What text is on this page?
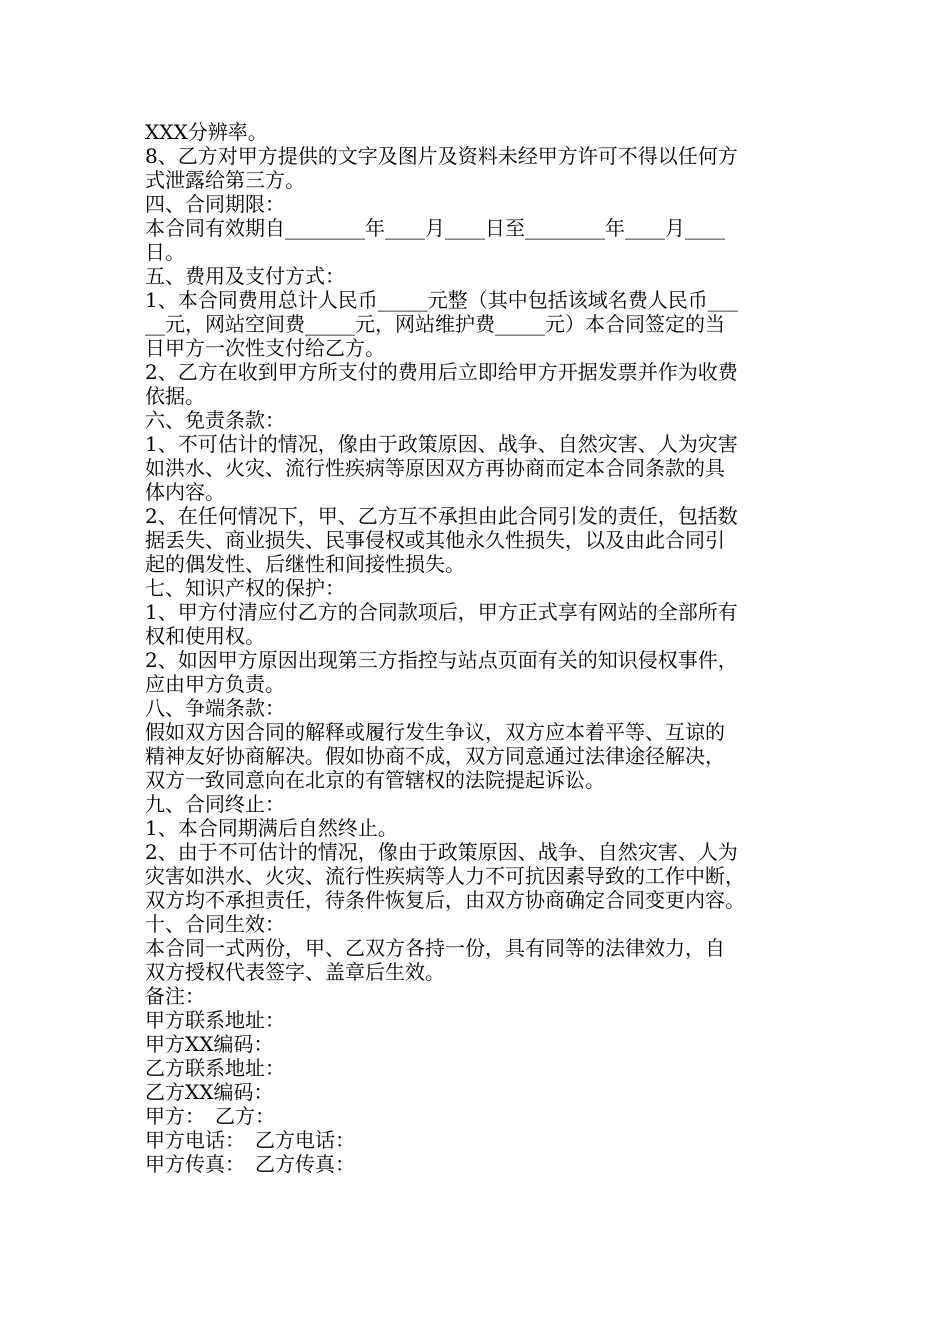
XXX分辨率。

8、乙方对甲方提供的文字及图片及资料未经甲方许可不得以任何方

式泄露给第三方。

四、合同期限：

本合同有效期自________年____月____日至________年____月____

日。

五、费用及支付方式：

1、本合同费用总计人民币_____元整（其中包括该域名费人民币___

__元，网站空间费_____元，网站维护费_____元）本合同签定的当

日甲方一次性支付给乙方。

2、乙方在收到甲方所支付的费用后立即给甲方开据发票并作为收费

依据。

六、免责条款：

1、不可估计的情况，像由于政策原因、战争、自然灾害、人为灾害

如洪水、火灾、流行性疾病等原因双方再协商而定本合同条款的具

体内容。

2、在任何情况下，甲、乙方互不承担由此合同引发的责任，包括数

据丢失、商业损失、民事侵权或其他永久性损失，以及由此合同引

起的偶发性、后继性和间接性损失。

七、知识产权的保护：

1、甲方付清应付乙方的合同款项后，甲方正式享有网站的全部所有

权和使用权。

2、如因甲方原因出现第三方指控与站点页面有关的知识侵权事件，

应由甲方负责。

八、争端条款：

假如双方因合同的解释或履行发生争议，双方应本着平等、互谅的

精神友好协商解决。假如协商不成，双方同意通过法律途径解决，

双方一致同意向在北京的有管辖权的法院提起诉讼。

九、合同终止：

1、本合同期满后自然终止。

2、由于不可估计的情况，像由于政策原因、战争、自然灾害、人为

灾害如洪水、火灾、流行性疾病等人力不可抗因素导致的工作中断，

双方均不承担责任，待条件恢复后，由双方协商确定合同变更内容。

十、合同生效：

本合同一式两份，甲、乙双方各持一份，具有同等的法律效力，自

双方授权代表签字、盖章后生效。

备注：

甲方联系地址：

甲方XX编码：

乙方联系地址：

乙方XX编码：

甲方：　乙方：

甲方电话：　乙方电话：

甲方传真：　乙方传真：
